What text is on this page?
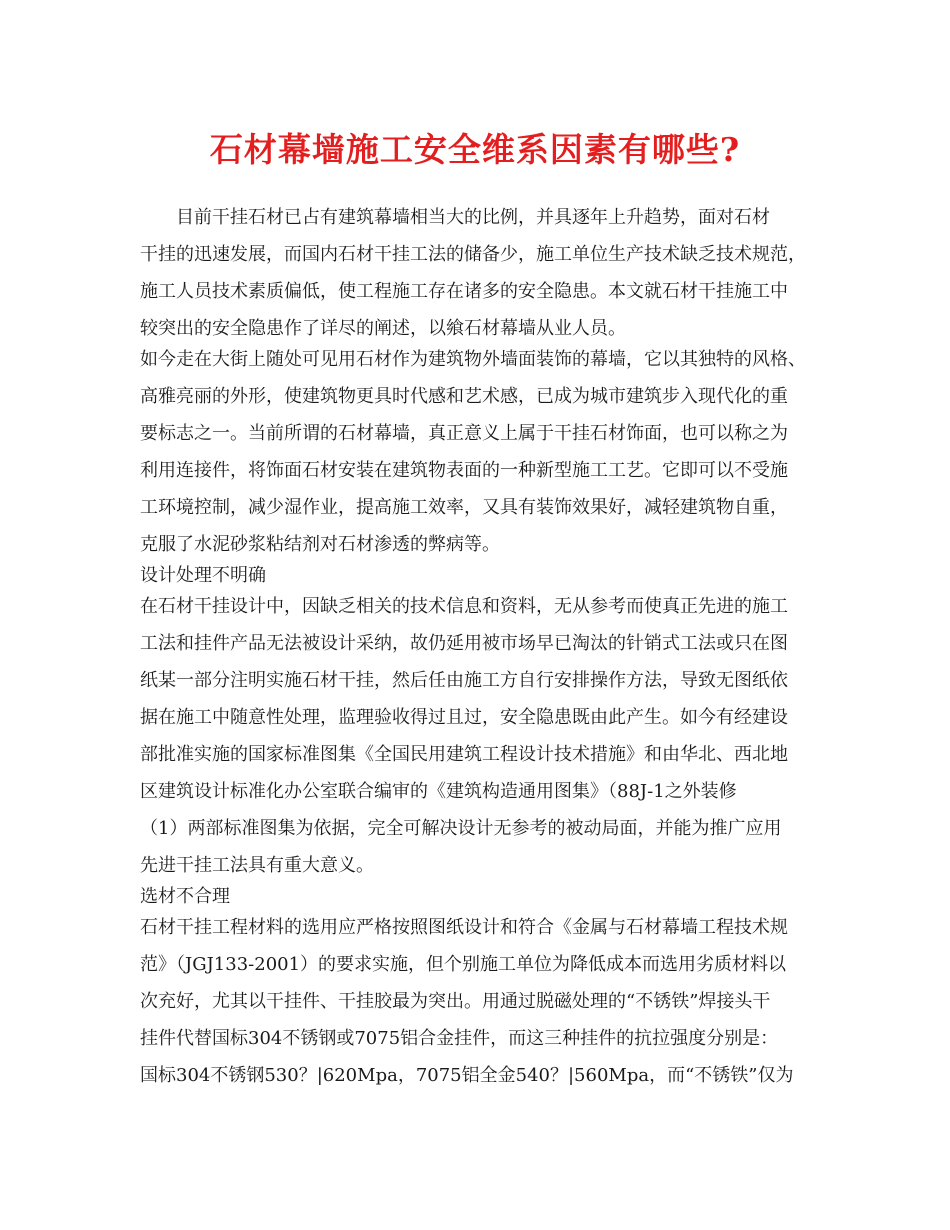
石材幕墙施工安全维系因素有哪些?
　　目前干挂石材已占有建筑幕墙相当大的比例，并具逐年上升趋势，面对石材
干挂的迅速发展，而国内石材干挂工法的储备少，施工单位生产技术缺乏技术规范，
施工人员技术素质偏低，使工程施工存在诸多的安全隐患。本文就石材干挂施工中
较突出的安全隐患作了详尽的阐述，以飨石材幕墙从业人员。
如今走在大街上随处可见用石材作为建筑物外墙面装饰的幕墙，它以其独特的风格、
高雅亮丽的外形，使建筑物更具时代感和艺术感，已成为城市建筑步入现代化的重
要标志之一。当前所谓的石材幕墙，真正意义上属于干挂石材饰面，也可以称之为
利用连接件，将饰面石材安装在建筑物表面的一种新型施工工艺。它即可以不受施
工环境控制，减少湿作业，提高施工效率，又具有装饰效果好，减轻建筑物自重，
克服了水泥砂浆粘结剂对石材渗透的弊病等。
设计处理不明确
在石材干挂设计中，因缺乏相关的技术信息和资料，无从参考而使真正先进的施工
工法和挂件产品无法被设计采纳，故仍延用被市场早已淘汰的针销式工法或只在图
纸某一部分注明实施石材干挂，然后任由施工方自行安排操作方法，导致无图纸依
据在施工中随意性处理，监理验收得过且过，安全隐患既由此产生。如今有经建设
部批准实施的国家标准图集《全国民用建筑工程设计技术措施》和由华北、西北地
区建筑设计标准化办公室联合编审的《建筑构造通用图集》（88J-1之外装修
（1）两部标准图集为依据，完全可解决设计无参考的被动局面，并能为推广应用
先进干挂工法具有重大意义。
选材不合理
石材干挂工程材料的选用应严格按照图纸设计和符合《金属与石材幕墙工程技术规
范》（JGJ133-2001）的要求实施，但个别施工单位为降低成本而选用劣质材料以
次充好，尤其以干挂件、干挂胶最为突出。用通过脱磁处理的“不锈铁”焊接头干
挂件代替国标304不锈钢或7075铝合金挂件，而这三种挂件的抗拉强度分别是：
国标304不锈钢530？|620Mpa，7075铝全金540？|560Mpa，而“不锈铁”仅为
